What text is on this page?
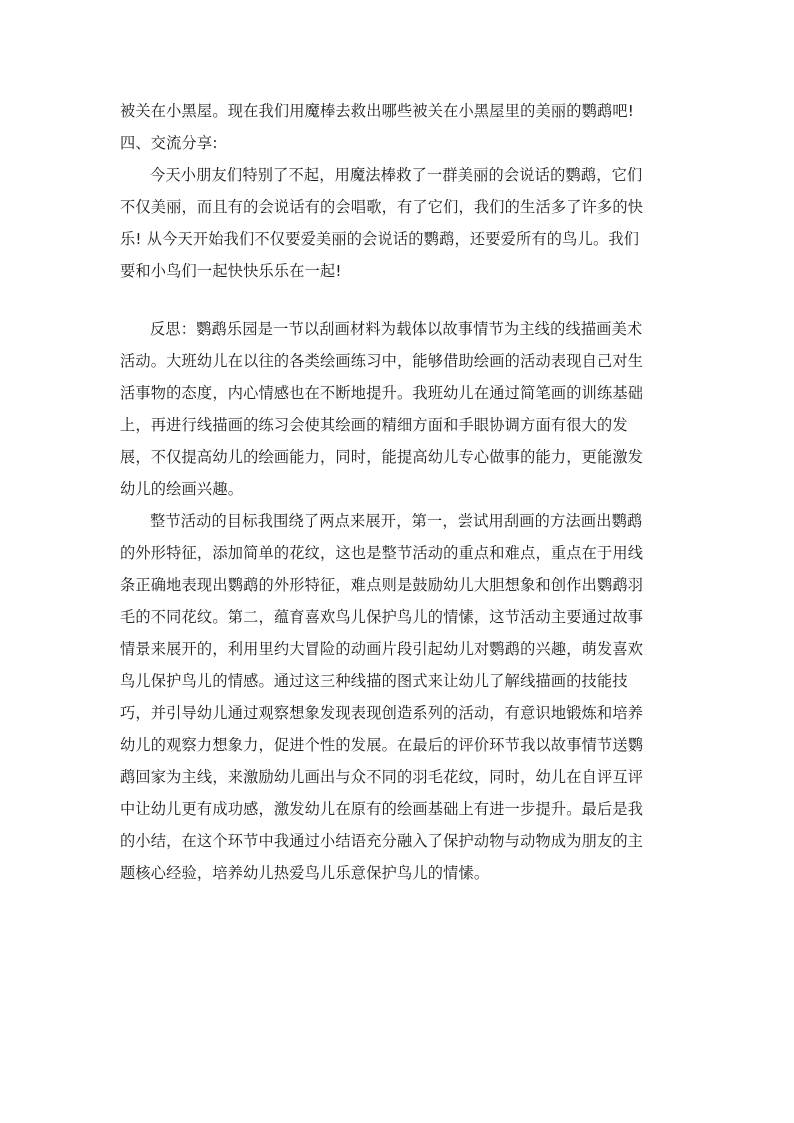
被关在小黑屋。现在我们用魔棒去救出哪些被关在小黑屋里的美丽的鹦鹉吧!
四、交流分享:
今天小朋友们特别了不起，用魔法棒救了一群美丽的会说话的鹦鹉，它们
不仅美丽，而且有的会说话有的会唱歌，有了它们，我们的生活多了许多的快
乐! 从今天开始我们不仅要爱美丽的会说话的鹦鹉，还要爱所有的鸟儿。我们
要和小鸟们一起快快乐乐在一起!
反思：鹦鹉乐园是一节以刮画材料为载体以故事情节为主线的线描画美术
活动。大班幼儿在以往的各类绘画练习中，能够借助绘画的活动表现自己对生
活事物的态度，内心情感也在不断地提升。我班幼儿在通过简笔画的训练基础
上，再进行线描画的练习会使其绘画的精细方面和手眼协调方面有很大的发
展，不仅提高幼儿的绘画能力，同时，能提高幼儿专心做事的能力，更能激发
幼儿的绘画兴趣。
整节活动的目标我围绕了两点来展开，第一，尝试用刮画的方法画出鹦鹉
的外形特征，添加简单的花纹，这也是整节活动的重点和难点，重点在于用线
条正确地表现出鹦鹉的外形特征，难点则是鼓励幼儿大胆想象和创作出鹦鹉羽
毛的不同花纹。第二，蕴育喜欢鸟儿保护鸟儿的情愫，这节活动主要通过故事
情景来展开的，利用里约大冒险的动画片段引起幼儿对鹦鹉的兴趣，萌发喜欢
鸟儿保护鸟儿的情感。通过这三种线描的图式来让幼儿了解线描画的技能技
巧，并引导幼儿通过观察想象发现表现创造系列的活动，有意识地锻炼和培养
幼儿的观察力想象力，促进个性的发展。在最后的评价环节我以故事情节送鹦
鹉回家为主线，来激励幼儿画出与众不同的羽毛花纹，同时，幼儿在自评互评
中让幼儿更有成功感，激发幼儿在原有的绘画基础上有进一步提升。最后是我
的小结，在这个环节中我通过小结语充分融入了保护动物与动物成为朋友的主
题核心经验，培养幼儿热爱鸟儿乐意保护鸟儿的情愫。
